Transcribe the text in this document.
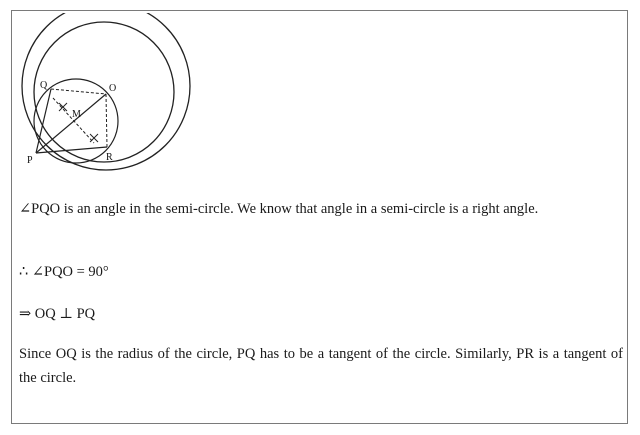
Q	O
M
P	R

∠PQO is an angle in the semi-circle. We know that angle in a semi-circle is a right angle.

∴ ∠PQO = 90°

⇒ OQ ⊥ PQ

Since OQ is the radius of the circle, PQ has to be a tangent of the circle. Similarly, PR is a tangent of the circle.
